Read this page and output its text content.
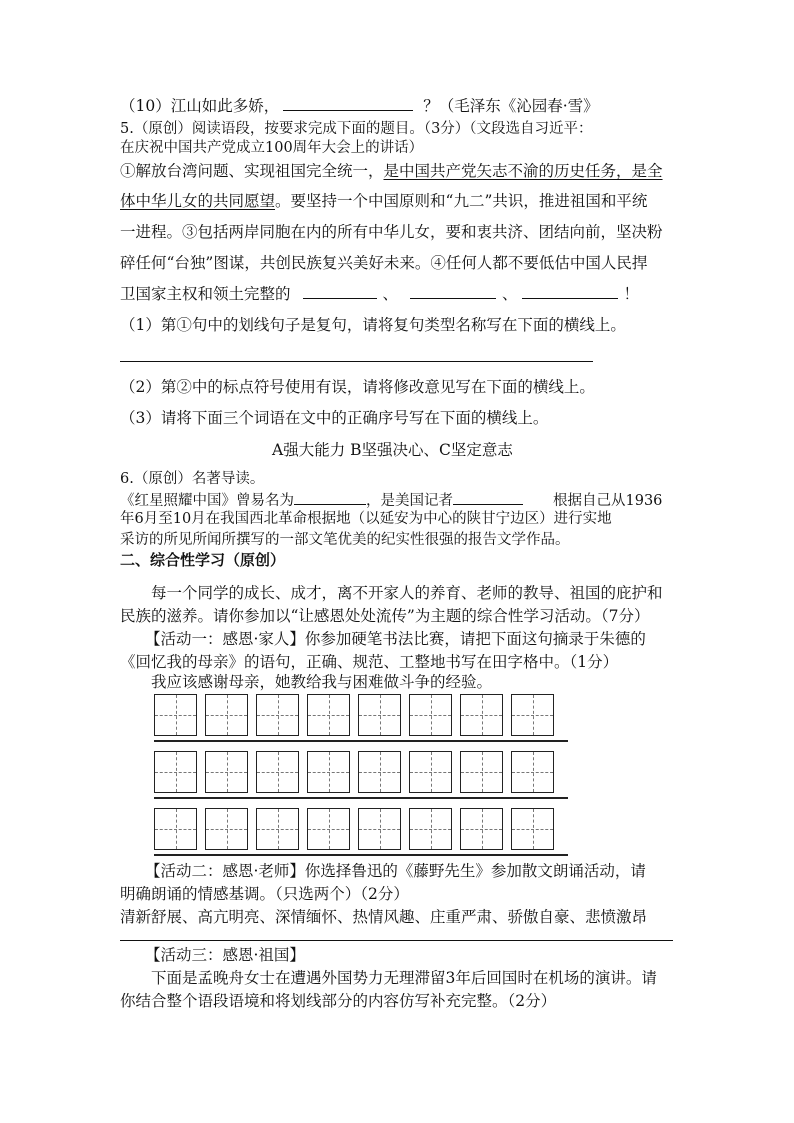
（10）江山如此多娇，	？（毛泽东《沁园春·雪》
5.（原创）阅读语段，按要求完成下面的题目。（3分）（文段选自习近平：
在庆祝中国共产党成立100周年大会上的讲话）
①解放台湾问题、实现祖国完全统一，是中国共产党矢志不渝的历史任务，是全
体中华儿女的共同愿望。要坚持一个中国原则和“九二”共识，推进祖国和平统
一进程。③包括两岸同胞在内的所有中华儿女，要和衷共济、团结向前，坚决粉
碎任何“台独”图谋，共创民族复兴美好未来。④任何人都不要低估中国人民捍
卫国家主权和领土完整的	、	、	！
（1）第①句中的划线句子是复句，请将复句类型名称写在下面的横线上。
（2）第②中的标点符号使用有误，请将修改意见写在下面的横线上。
（3）请将下面三个词语在文中的正确序号写在下面的横线上。
A强大能力 B坚强决心、C坚定意志
6.（原创）名著导读。
《红星照耀中国》曾易名为	，是美国记者	根据自己从1936
年6月至10月在我国西北革命根据地（以延安为中心的陕甘宁边区）进行实地
采访的所见所闻所撰写的一部文笔优美的纪实性很强的报告文学作品。
二、综合性学习（原创）
每一个同学的成长、成才，离不开家人的养育、老师的教导、祖国的庇护和
民族的滋养。请你参加以“让感恩处处流传”为主题的综合性学习活动。（7分）
【活动一：感恩·家人】你参加硬笔书法比赛，请把下面这句摘录于朱德的
《回忆我的母亲》的语句，正确、规范、工整地书写在田字格中。（1分）
我应该感谢母亲，她教给我与困难做斗争的经验。
【活动二：感恩·老师】你选择鲁迅的《藤野先生》参加散文朗诵活动，请
明确朗诵的情感基调。（只选两个）（2分）
清新舒展、高亢明亮、深情缅怀、热情风趣、庄重严肃、骄傲自豪、悲愤激昂
【活动三：感恩·祖国】
下面是孟晚舟女士在遭遇外国势力无理滞留3年后回国时在机场的演讲。请
你结合整个语段语境和将划线部分的内容仿写补充完整。（2分）
